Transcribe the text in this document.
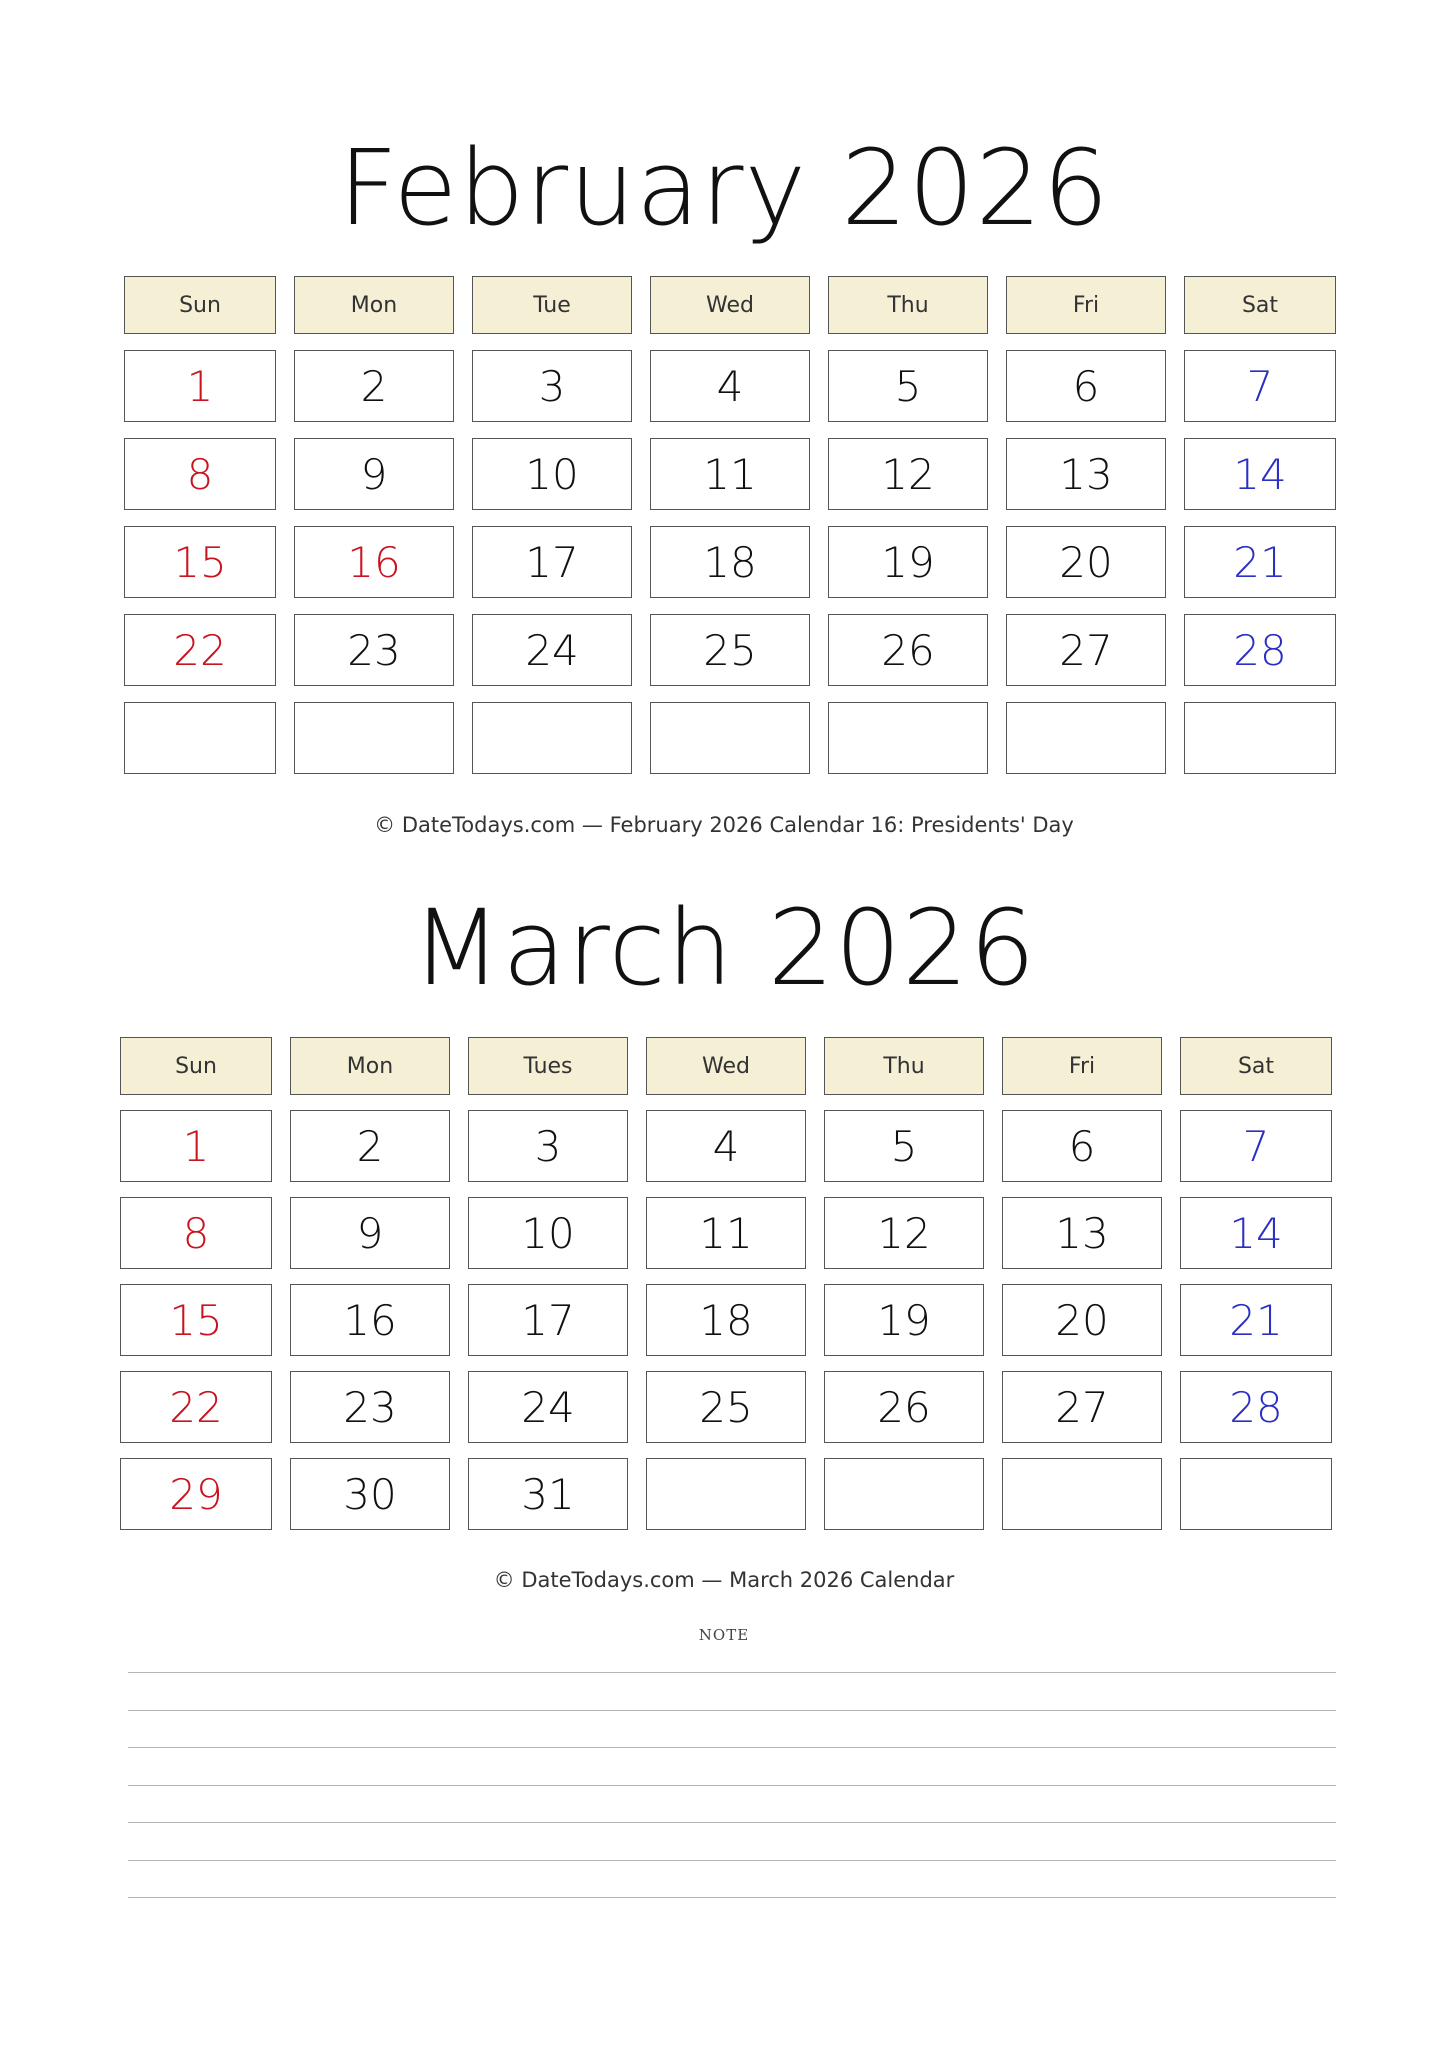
February 2026
Sun	Mon	Tue	Wed	Thu	Fri	Sat
1	2	3	4	5	6	7
8	9	10	11	12	13	14
15	16	17	18	19	20	21
22	23	24	25	26	27	28
© DateTodays.com — February 2026 Calendar 16: Presidents' Day
March 2026
Sun	Mon	Tues	Wed	Thu	Fri	Sat
1	2	3	4	5	6	7
8	9	10	11	12	13	14
15	16	17	18	19	20	21
22	23	24	25	26	27	28
29	30	31
© DateTodays.com — March 2026 Calendar
NOTE
